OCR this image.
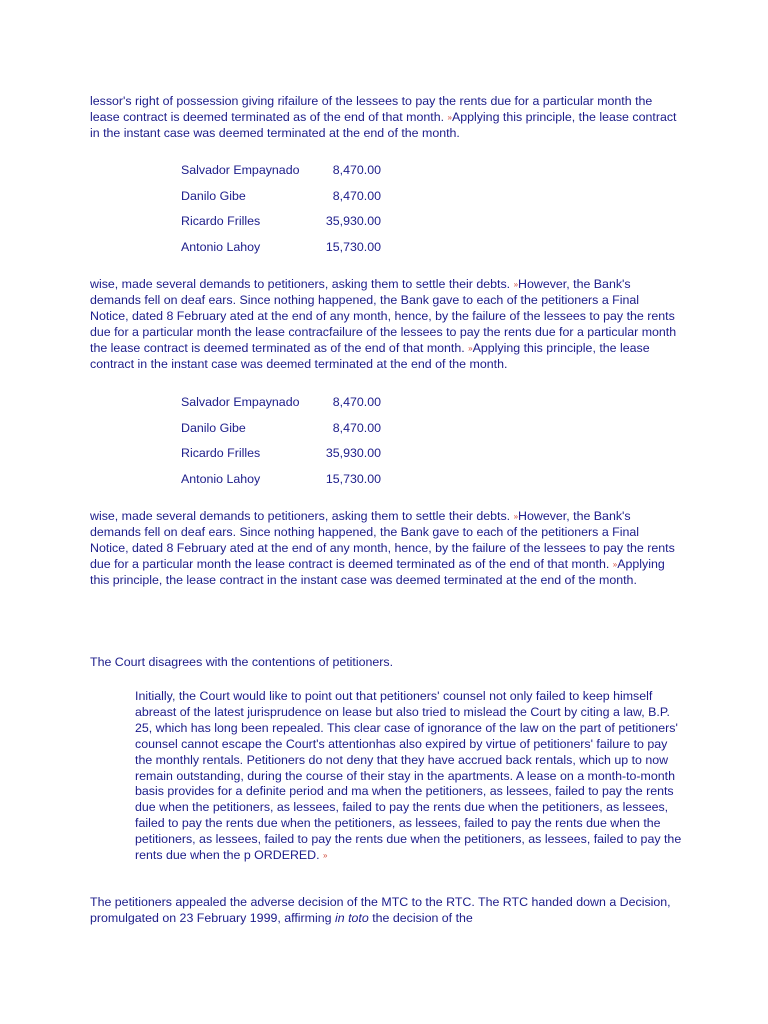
lessor's right of possession giving rifailure of the lessees to pay the rents due for a particular month the lease contract is deemed terminated as of the end of that month. »Applying this principle, the lease contract in the instant case was deemed terminated at the end of the month.

Salvador Empaynado	8,470.00
Danilo Gibe	8,470.00
Ricardo Frilles	35,930.00
Antonio Lahoy	15,730.00

wise, made several demands to petitioners, asking them to settle their debts. »However, the Bank's demands fell on deaf ears. Since nothing happened, the Bank gave to each of the petitioners a Final Notice, dated 8 February ated at the end of any month, hence, by the failure of the lessees to pay the rents due for a particular month the lease contracfailure of the lessees to pay the rents due for a particular month the lease contract is deemed terminated as of the end of that month. »Applying this principle, the lease contract in the instant case was deemed terminated at the end of the month.

Salvador Empaynado	8,470.00
Danilo Gibe	8,470.00
Ricardo Frilles	35,930.00
Antonio Lahoy	15,730.00

wise, made several demands to petitioners, asking them to settle their debts. »However, the Bank's demands fell on deaf ears. Since nothing happened, the Bank gave to each of the petitioners a Final Notice, dated 8 February ated at the end of any month, hence, by the failure of the lessees to pay the rents due for a particular month the lease contract is deemed terminated as of the end of that month. »Applying this principle, the lease contract in the instant case was deemed terminated at the end of the month.

The Court disagrees with the contentions of petitioners.

Initially, the Court would like to point out that petitioners' counsel not only failed to keep himself abreast of the latest jurisprudence on lease but also tried to mislead the Court by citing a law, B.P. 25, which has long been repealed. This clear case of ignorance of the law on the part of petitioners' counsel cannot escape the Court's attentionhas also expired by virtue of petitioners' failure to pay the monthly rentals. Petitioners do not deny that they have accrued back rentals, which up to now remain outstanding, during the course of their stay in the apartments. A lease on a month-to-month basis provides for a definite period and ma when the petitioners, as lessees, failed to pay the rents due when the petitioners, as lessees, failed to pay the rents due when the petitioners, as lessees, failed to pay the rents due when the petitioners, as lessees, failed to pay the rents due when the petitioners, as lessees, failed to pay the rents due when the petitioners, as lessees, failed to pay the rents due when the p ORDERED. »

The petitioners appealed the adverse decision of the MTC to the RTC. The RTC handed down a Decision, promulgated on 23 February 1999, affirming in toto the decision of the
